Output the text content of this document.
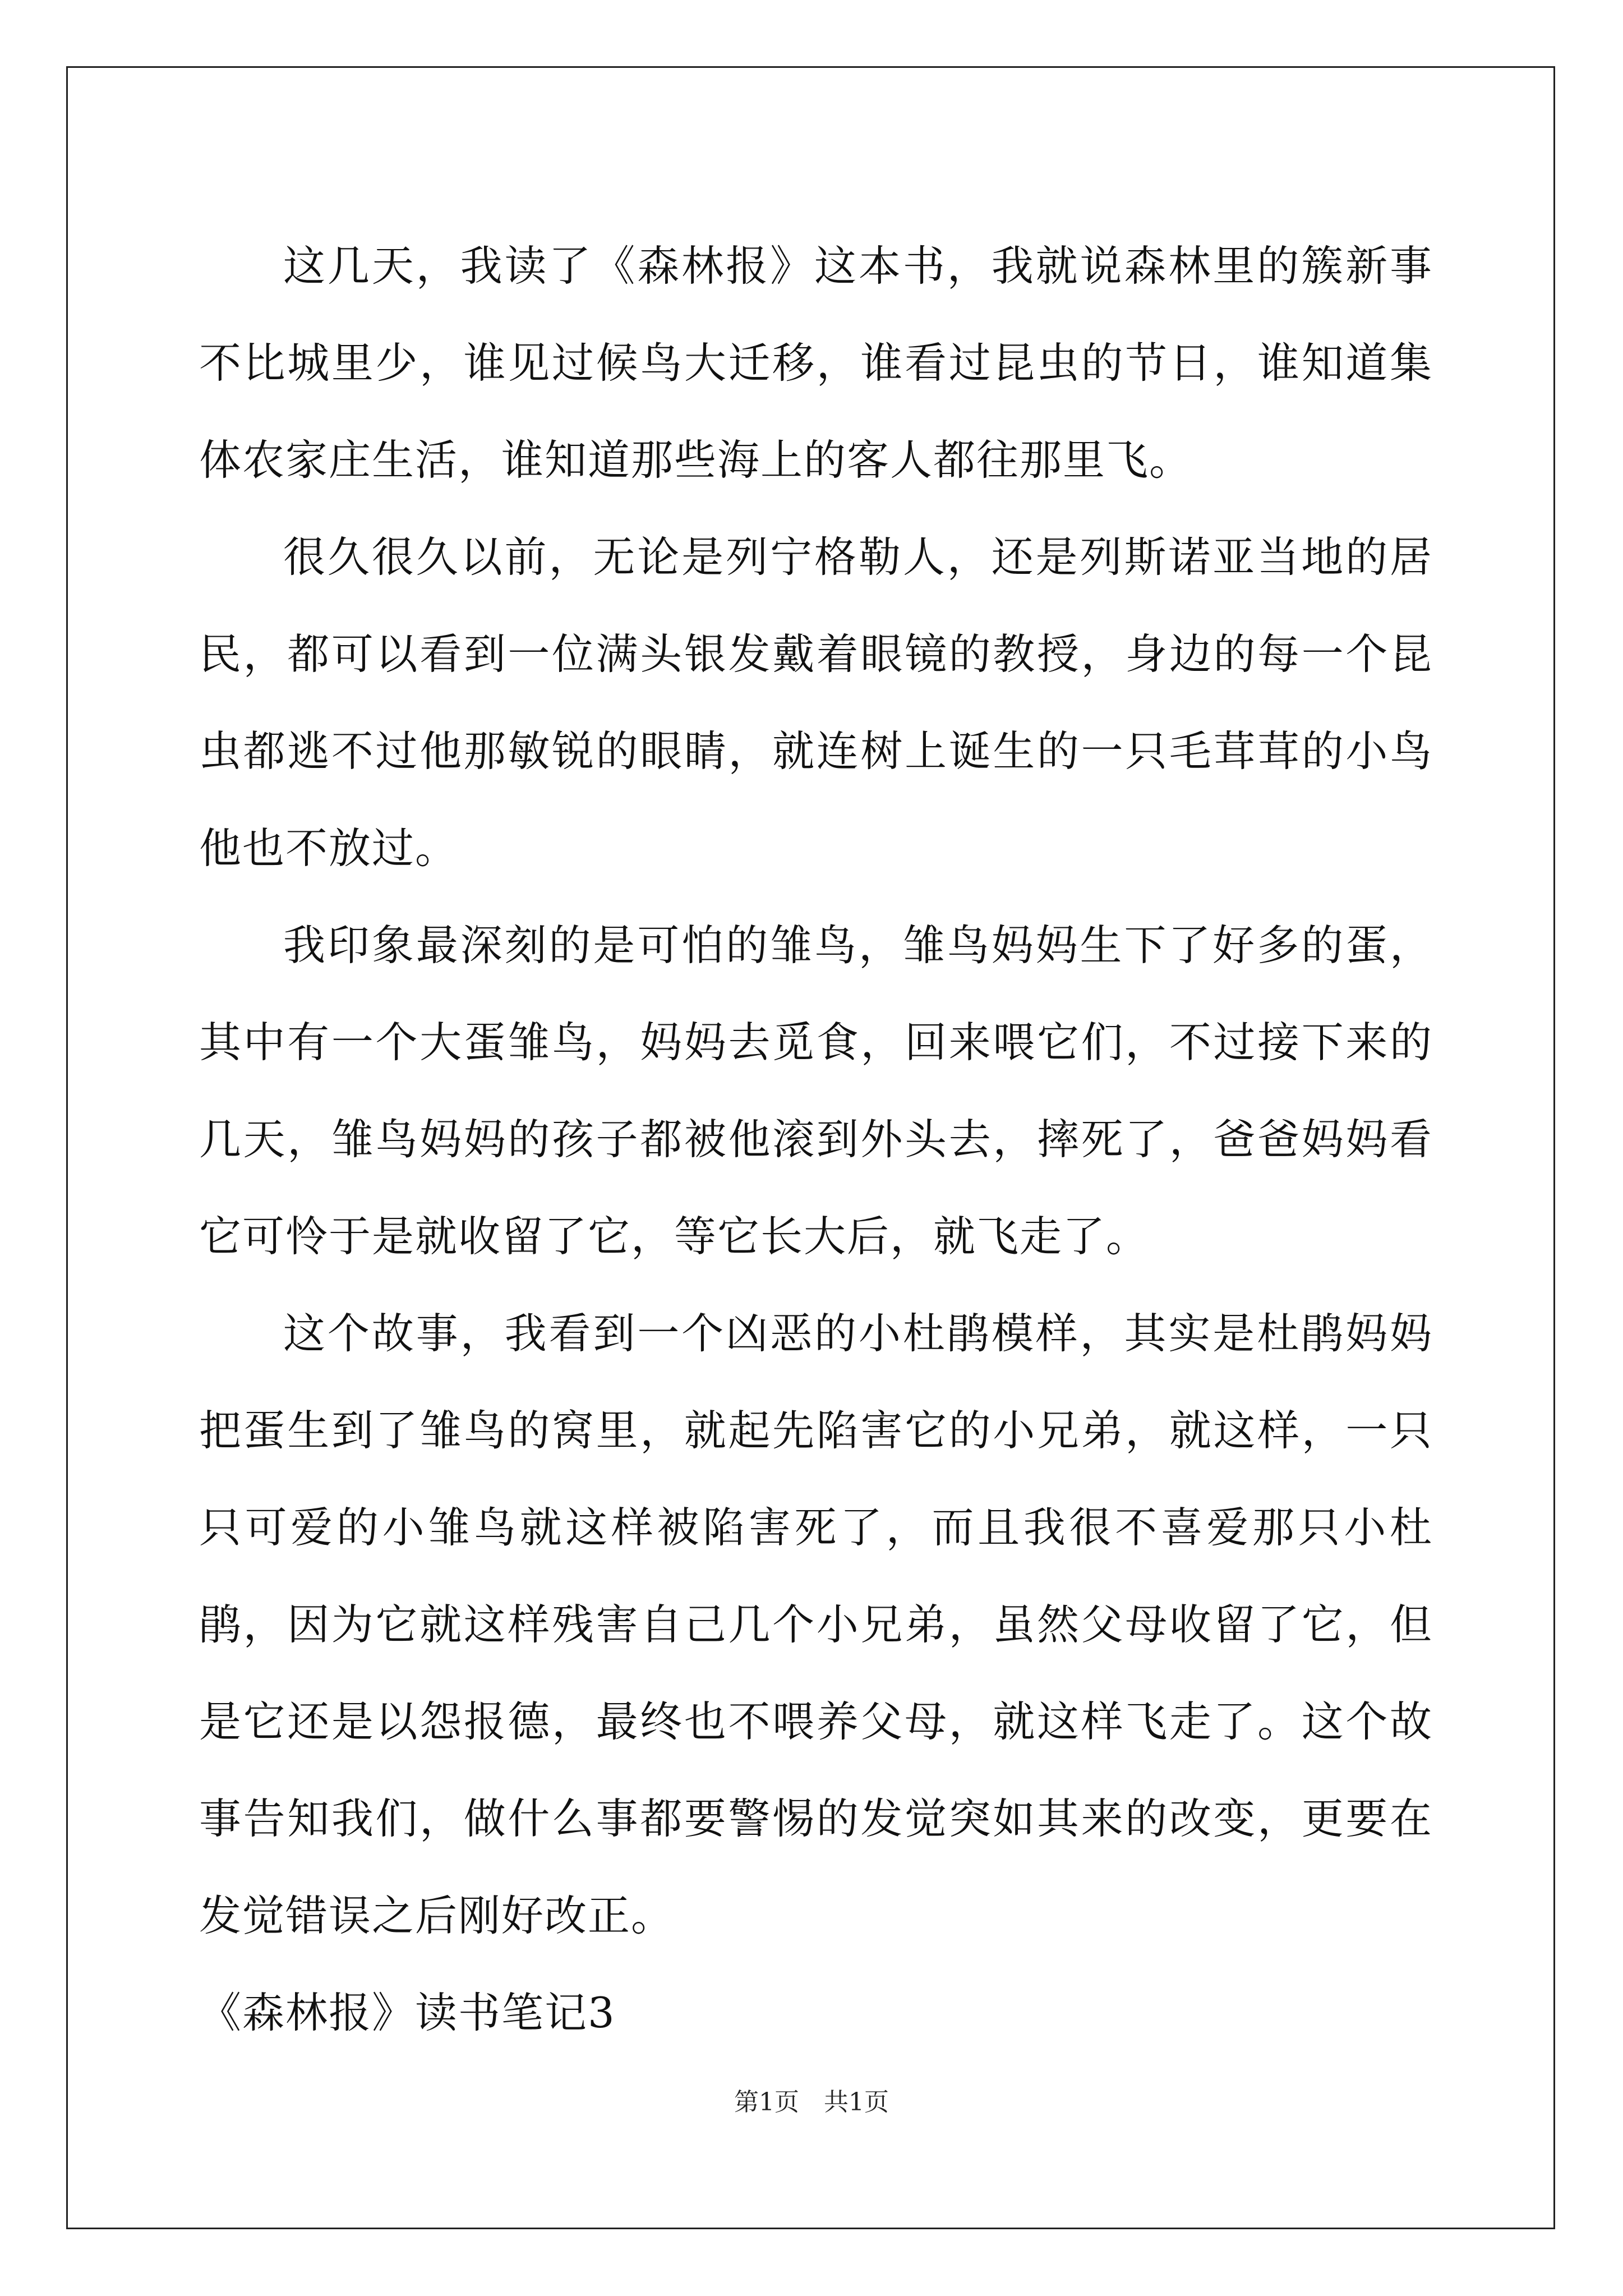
这几天，我读了《森林报》这本书，我就说森林里的簇新事不比城里少，谁见过候鸟大迁移，谁看过昆虫的节日，谁知道集体农家庄生活，谁知道那些海上的客人都往那里飞。

很久很久以前，无论是列宁格勒人，还是列斯诺亚当地的居民，都可以看到一位满头银发戴着眼镜的教授，身边的每一个昆虫都逃不过他那敏锐的眼睛，就连树上诞生的一只毛茸茸的小鸟他也不放过。

我印象最深刻的是可怕的雏鸟，雏鸟妈妈生下了好多的蛋，其中有一个大蛋雏鸟，妈妈去觅食，回来喂它们，不过接下来的几天，雏鸟妈妈的孩子都被他滚到外头去，摔死了，爸爸妈妈看它可怜于是就收留了它，等它长大后，就飞走了。

这个故事，我看到一个凶恶的小杜鹃模样，其实是杜鹃妈妈把蛋生到了雏鸟的窝里，就起先陷害它的小兄弟，就这样，一只只可爱的小雏鸟就这样被陷害死了，而且我很不喜爱那只小杜鹃，因为它就这样残害自己几个小兄弟，虽然父母收留了它，但是它还是以怨报德，最终也不喂养父母，就这样飞走了。这个故事告知我们，做什么事都要警惕的发觉突如其来的改变，更要在发觉错误之后刚好改正。

《森林报》读书笔记3

第1页　共1页
